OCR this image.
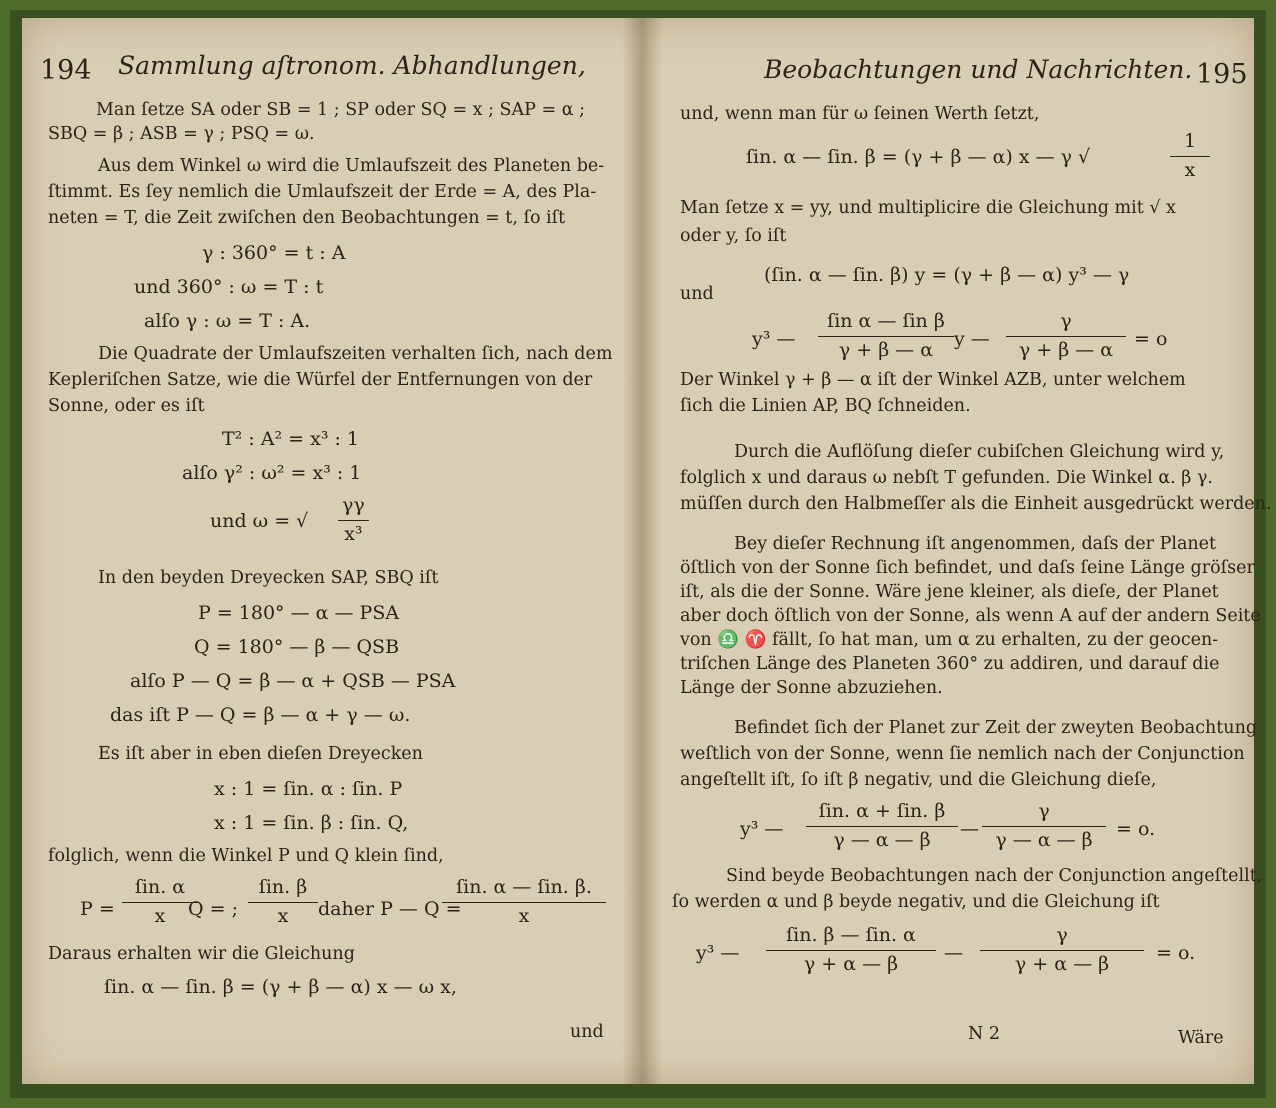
194 Sammlung aſtronom. Abhandlungen,
Man ſetze SA oder SB = 1 ; SP oder SQ = x ; SAP = α ;
SBQ = β ; ASB = γ ; PSQ = ω.
Aus dem Winkel ω wird die Umlaufszeit des Planeten be-
ſtimmt. Es ſey nemlich die Umlaufszeit der Erde = A, des Pla-
neten = T, die Zeit zwiſchen den Beobachtungen = t, ſo iſt
γ : 360° = t : A
und 360° : ω = T : t
alſo γ : ω = T : A.
Die Quadrate der Umlaufszeiten verhalten ſich, nach dem
Kepleriſchen Satze, wie die Würfel der Entfernungen von der
Sonne, oder es iſt
T² : A² = x³ : 1
alſo γ² : ω² = x³ : 1
und ω = √ $\frac{\gamma\gamma}{\text{x³}}$
In den beyden Dreyecken SAP, SBQ iſt
P = 180° — α — PSA
Q = 180° — β — QSB
alſo P — Q = β — α + QSB — PSA
das iſt P — Q = β — α + γ — ω.
Es iſt aber in eben dieſen Dreyecken
x : 1 = ſin. α : ſin. P
x : 1 = ſin. β : ſin. Q,
folglich, wenn die Winkel P und Q klein ſind,
P =
ſin. α
x	Q = ;
ſin. β
x	daher P — Q =
ſin. α — ſin. β.
x
Daraus erhalten wir die Gleichung
ſin. α — ſin. β = (γ + β — α) x — ω x,
und
Beobachtungen und Nachrichten. 195
und, wenn man für ω ſeinen Werth ſetzt,
ſin. α — ſin. β = (γ + β — α) x — γ √	$\frac{1}{x}$
Man ſetze x = yy, und multiplicire die Gleichung mit √ x
oder y, ſo iſt
(ſin. α — ſin. β) y = (γ + β — α) y³ — γ
und
y³ —
ſin α — ſin β
γ + β — α	y — $\frac{\gamma}{\gamma + \beta — \alpha} = o$
Der Winkel γ + β — α iſt der Winkel AZB, unter welchem
ſich die Linien AP, BQ ſchneiden.
Durch die Auflöſung dieſer cubiſchen Gleichung wird y,
folglich x und daraus ω nebſt T gefunden. Die Winkel α. β γ.
müſſen durch den Halbmeſſer als die Einheit ausgedrückt werden.
Bey dieſer Rechnung iſt angenommen, daſs der Planet
öſtlich von der Sonne ſich befindet, und daſs ſeine Länge gröſser
iſt, als die der Sonne. Wäre jene kleiner, als dieſe, der Planet
aber doch öſtlich von der Sonne, als wenn A auf der andern Seite
von ♎ ♈ fällt, ſo hat man, um α zu erhalten, zu der geocen-
triſchen Länge des Planeten 360° zu addiren, und darauf die
Länge der Sonne abzuziehen.
Befindet ſich der Planet zur Zeit der zweyten Beobachtung
weſtlich von der Sonne, wenn ſie nemlich nach der Conjunction
angeſtellt iſt, ſo iſt β negativ, und die Gleichung dieſe,
y³ —
ſin. α + ſin. β
γ — α — β	— $\frac{\gamma}{\gamma — \alpha — \beta} = o$.
Sind beyde Beobachtungen nach der Conjunction angeſtellt,
ſo werden α und β beyde negativ, und die Gleichung iſt
y³ —
ſin. β — ſin. α
γ + α — β	— $\frac{\gamma}{\gamma + \alpha — \beta} = o$.
N 2	Wäre
